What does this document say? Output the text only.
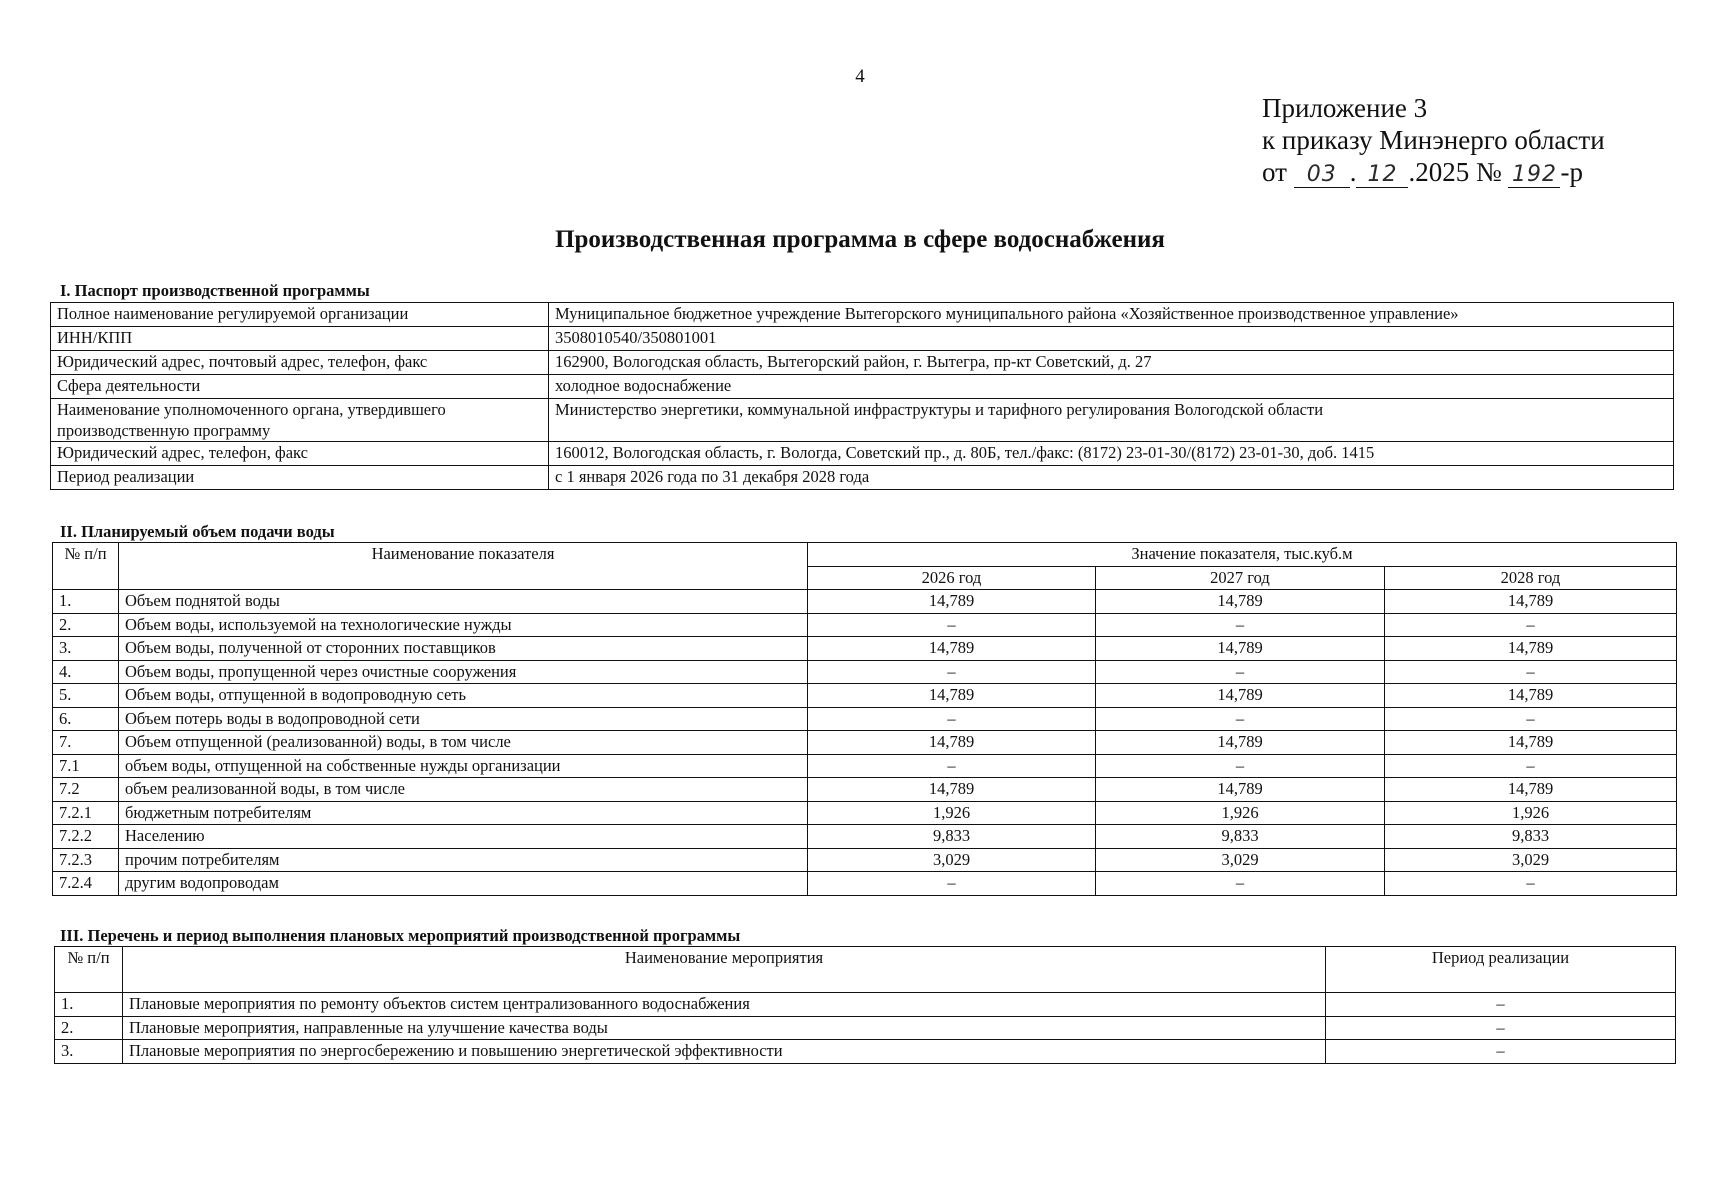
4
Приложение 3
к приказу Минэнерго области
от 03 . 12 .2025 № 192 -р
Производственная программа в сфере водоснабжения
I. Паспорт производственной программы
Полное наименование регулируемой организации	Муниципальное бюджетное учреждение Вытегорского муниципального района «Хозяйственное производственное управление»
ИНН/КПП	3508010540/350801001
Юридический адрес, почтовый адрес, телефон, факс	162900, Вологодская область, Вытегорский район, г. Вытегра, пр-кт Советский, д. 27
Сфера деятельности	холодное водоснабжение
Наименование уполномоченного органа, утвердившего производственную программу	Министерство энергетики, коммунальной инфраструктуры и тарифного регулирования Вологодской области
Юридический адрес, телефон, факс	160012, Вологодская область, г. Вологда, Советский пр., д. 80Б, тел./факс: (8172) 23-01-30/(8172) 23-01-30, доб. 1415
Период реализации	с 1 января 2026 года по 31 декабря 2028 года
II. Планируемый объем подачи воды
№ п/п	Наименование показателя	Значение показателя, тыс.куб.м		
		2026 год	2027 год	2028 год
1.	Объем поднятой воды	14,789	14,789	14,789
2.	Объем воды, используемой на технологические нужды	–	–	–
3.	Объем воды, полученной от сторонних поставщиков	14,789	14,789	14,789
4.	Объем воды, пропущенной через очистные сооружения	–	–	–
5.	Объем воды, отпущенной в водопроводную сеть	14,789	14,789	14,789
6.	Объем потерь воды в водопроводной сети	–	–	–
7.	Объем отпущенной (реализованной) воды, в том числе	14,789	14,789	14,789
7.1	объем воды, отпущенной на собственные нужды организации	–	–	–
7.2	объем реализованной воды, в том числе	14,789	14,789	14,789
7.2.1	бюджетным потребителям	1,926	1,926	1,926
7.2.2	Населению	9,833	9,833	9,833
7.2.3	прочим потребителям	3,029	3,029	3,029
7.2.4	другим водопроводам	–	–	–
III. Перечень и период выполнения плановых мероприятий производственной программы
№ п/п	Наименование мероприятия	Период реализации
1.	Плановые мероприятия по ремонту объектов систем централизованного водоснабжения	–
2.	Плановые мероприятия, направленные на улучшение качества воды	–
3.	Плановые мероприятия по энергосбережению и повышению энергетической эффективности	–
